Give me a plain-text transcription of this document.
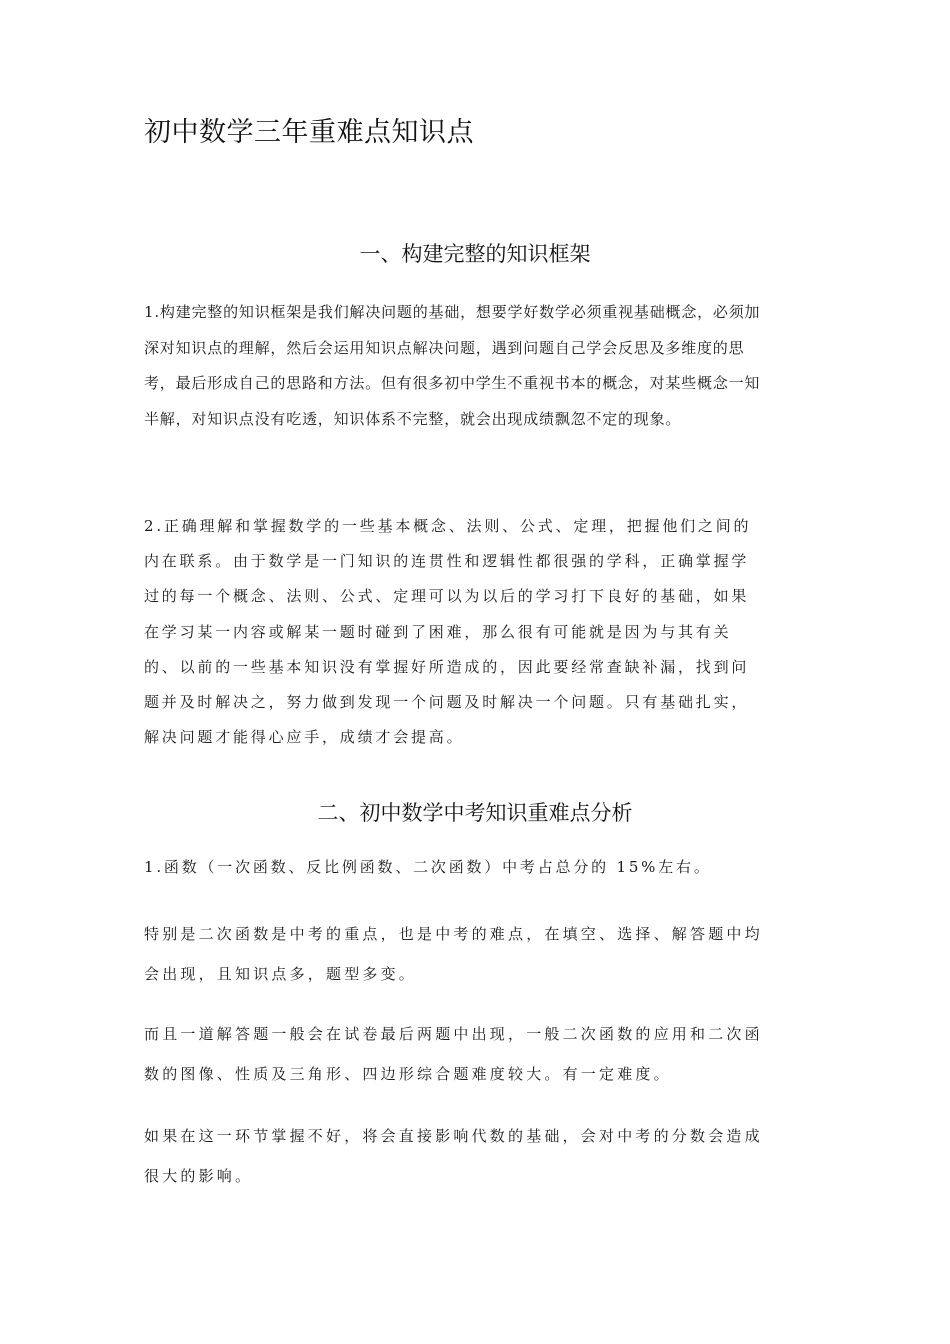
初中数学三年重难点知识点
一、构建完整的知识框架
1.构建完整的知识框架是我们解决问题的基础，想要学好数学必须重视基础概念，必须加
深对知识点的理解，然后会运用知识点解决问题，遇到问题自己学会反思及多维度的思
考，最后形成自己的思路和方法。但有很多初中学生不重视书本的概念，对某些概念一知
半解，对知识点没有吃透，知识体系不完整，就会出现成绩飘忽不定的现象。
2.正确理解和掌握数学的一些基本概念、法则、公式、定理，把握他们之间的
内在联系。由于数学是一门知识的连贯性和逻辑性都很强的学科，正确掌握学
过的每一个概念、法则、公式、定理可以为以后的学习打下良好的基础，如果
在学习某一内容或解某一题时碰到了困难，那么很有可能就是因为与其有关
的、以前的一些基本知识没有掌握好所造成的，因此要经常查缺补漏，找到问
题并及时解决之，努力做到发现一个问题及时解决一个问题。只有基础扎实，
解决问题才能得心应手，成绩才会提高。
二、初中数学中考知识重难点分析
1.函数（一次函数、反比例函数、二次函数）中考占总分的 15%左右。
特别是二次函数是中考的重点，也是中考的难点，在填空、选择、解答题中均
会出现，且知识点多，题型多变。
而且一道解答题一般会在试卷最后两题中出现，一般二次函数的应用和二次函
数的图像、性质及三角形、四边形综合题难度较大。有一定难度。
如果在这一环节掌握不好，将会直接影响代数的基础，会对中考的分数会造成
很大的影响。
